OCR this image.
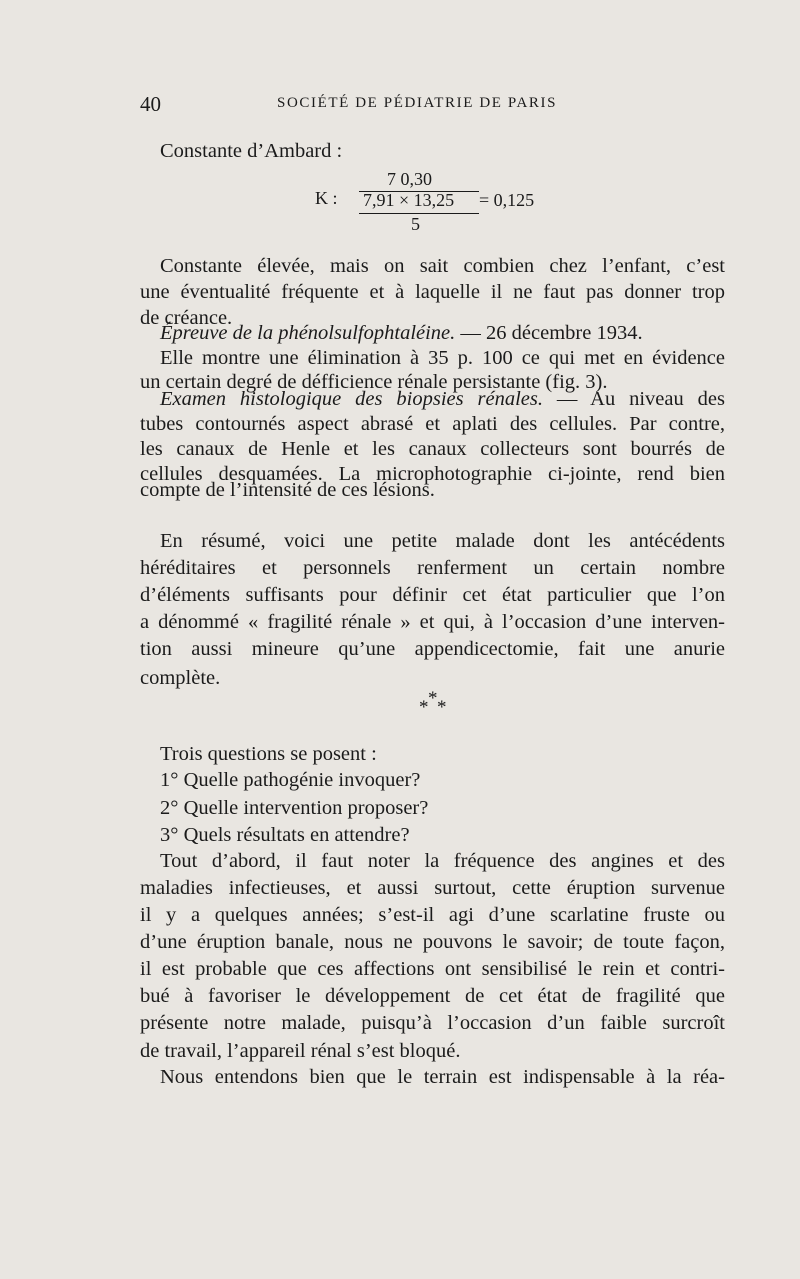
40	SOCIÉTÉ DE PÉDIATRIE DE PARIS
Constante d’Ambard :
7 0,30
K : 7,91 × 13,25 = 0,125
5
Constante élevée, mais on sait combien chez l’enfant, c’est
une éventualité fréquente et à laquelle il ne faut pas donner trop
de créance.
Épreuve de la phénolsulfophtaléine. — 26 décembre 1934.
Elle montre une élimination à 35 p. 100 ce qui met en évidence
un certain degré de défficience rénale persistante (fig. 3).
Examen histologique des biopsies rénales. — Au niveau des
tubes contournés aspect abrasé et aplati des cellules. Par contre,
les canaux de Henle et les canaux collecteurs sont bourrés de
cellules desquamées. La microphotographie ci-jointe, rend bien
compte de l’intensité de ces lésions.
En résumé, voici une petite malade dont les antécédents
héréditaires et personnels renferment un certain nombre
d’éléments suffisants pour définir cet état particulier que l’on
a dénommé « fragilité rénale » et qui, à l’occasion d’une interven-
tion aussi mineure qu’une appendicectomie, fait une anurie
complète.
*
* *
Trois questions se posent :
1° Quelle pathogénie invoquer?
2° Quelle intervention proposer?
3° Quels résultats en attendre?
Tout d’abord, il faut noter la fréquence des angines et des
maladies infectieuses, et aussi surtout, cette éruption survenue
il y a quelques années; s’est-il agi d’une scarlatine fruste ou
d’une éruption banale, nous ne pouvons le savoir; de toute façon,
il est probable que ces affections ont sensibilisé le rein et contri-
bué à favoriser le développement de cet état de fragilité que
présente notre malade, puisqu’à l’occasion d’un faible surcroît
de travail, l’appareil rénal s’est bloqué.
Nous entendons bien que le terrain est indispensable à la réa-
